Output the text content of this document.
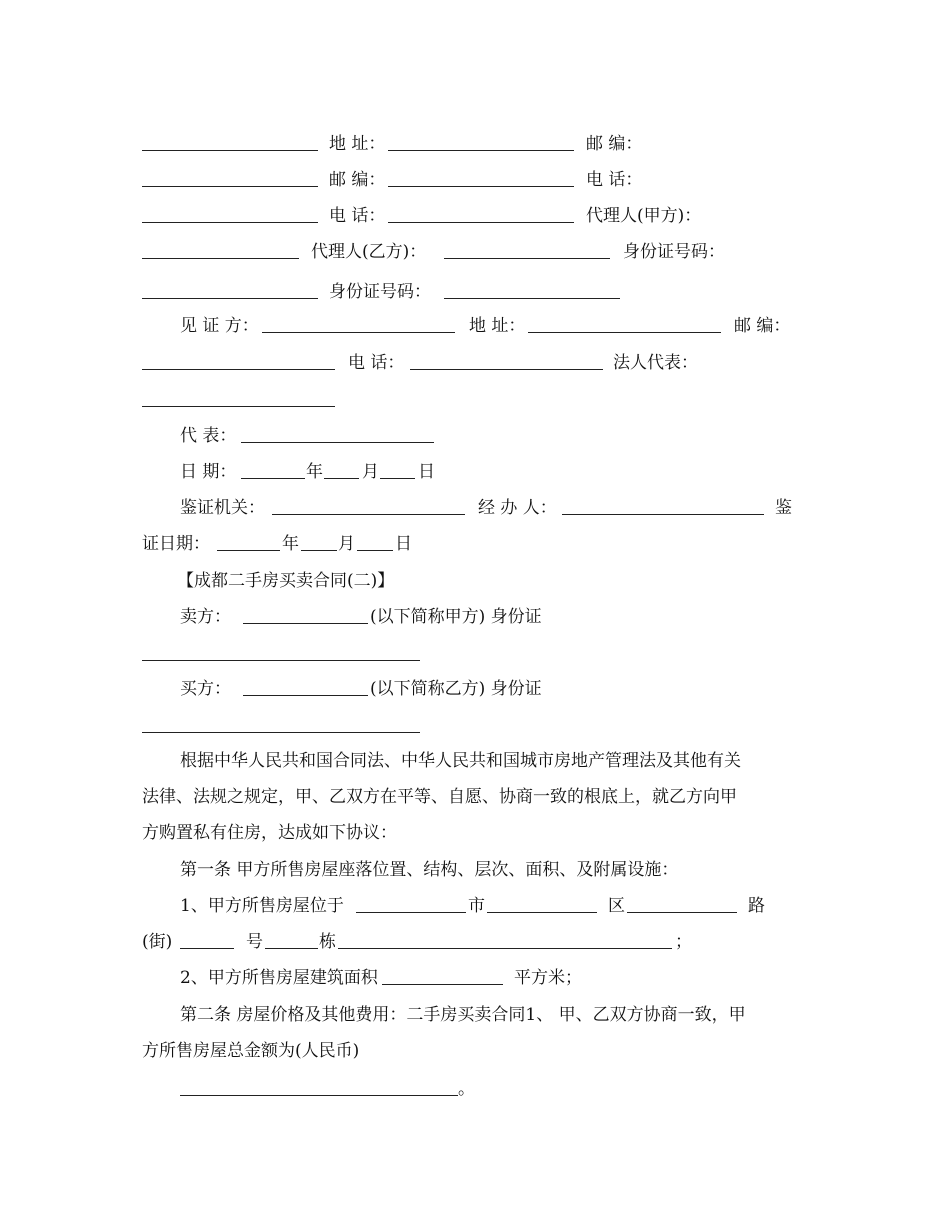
地 址：	邮 编：
邮 编：	电 话：
电 话：	代理人(甲方)：
代理人(乙方)：	身份证号码：
身份证号码：
见 证 方：	地 址：	邮 编：
电 话：	法人代表：
代 表：
日 期：	年 月 日
鉴证机关：	经 办 人：	鉴
证日期：	年 月 日
【成都二手房买卖合同(二)】
卖方：	(以下简称甲方) 身份证
买方：	(以下简称乙方) 身份证
根据中华人民共和国合同法、中华人民共和国城市房地产管理法及其他有关
法律、法规之规定，甲、乙双方在平等、自愿、协商一致的根底上，就乙方向甲
方购置私有住房，达成如下协议：
第一条 甲方所售房屋座落位置、结构、层次、面积、及附属设施：
1、甲方所售房屋位于	市	区	路
(街)	号	栋	；
2、甲方所售房屋建筑面积	平方米；
第二条 房屋价格及其他费用：二手房买卖合同1、 甲、乙双方协商一致，甲
方所售房屋总金额为(人民币)
。
